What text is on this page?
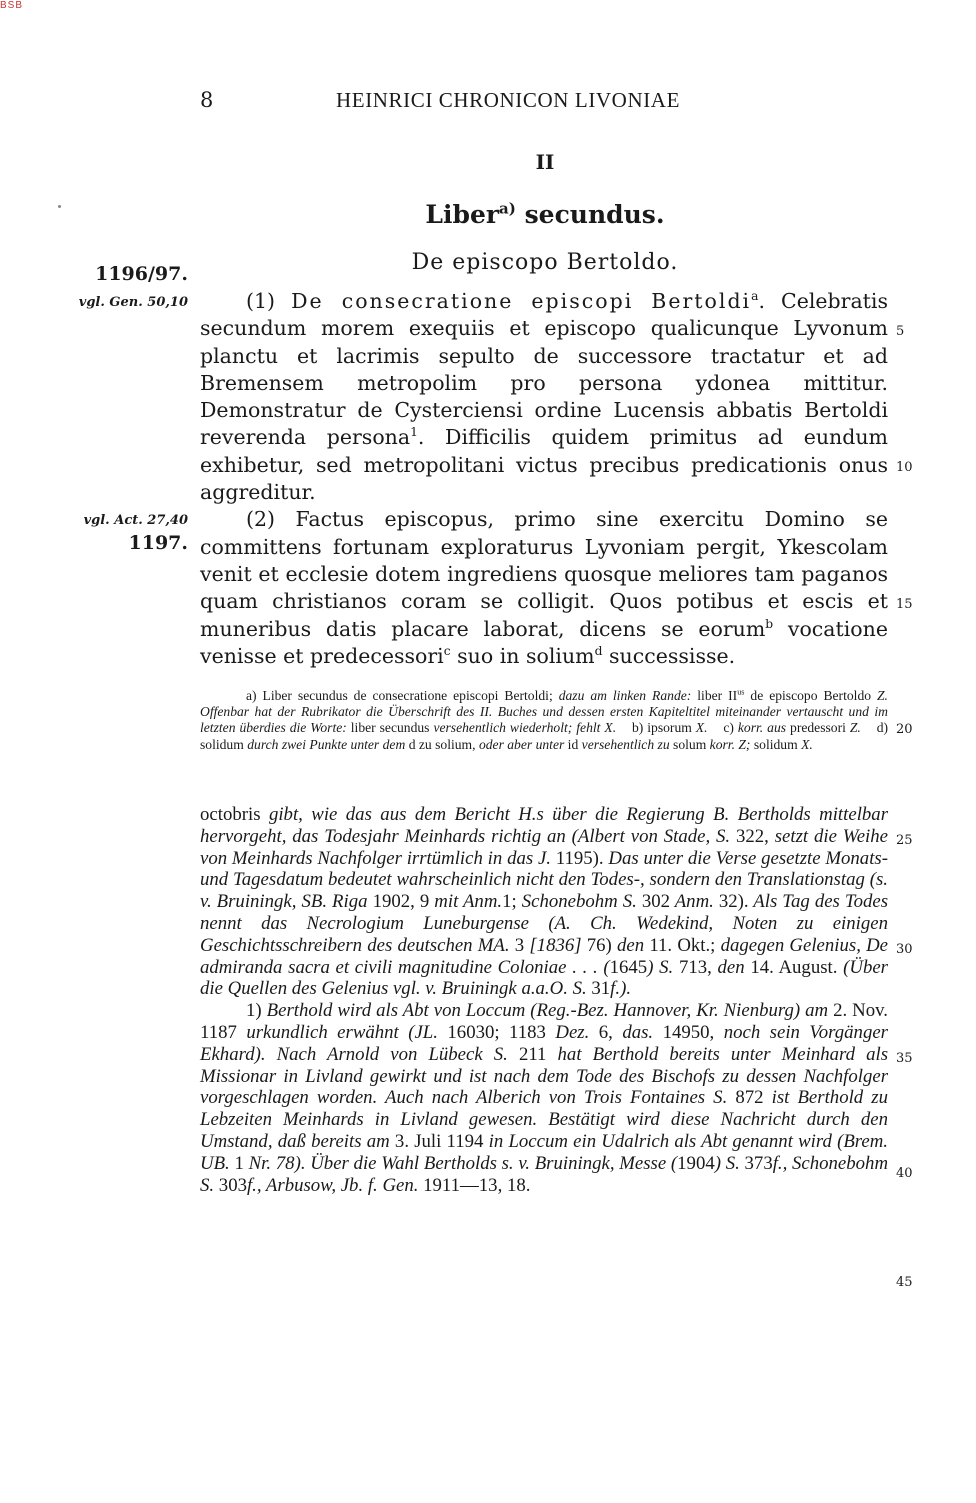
BSB
8	HEINRICI CHRONICON LIVONIAE
II
Liber$^{a)}$ secundus.
De episcopo Bertoldo.
1196/97.
vgl. Gen. 50,10
vgl. Act. 27,40
1197.

(1) De consecratione episcopi Bertoldi$^a$. Celebratis secundum morem exequiis et episcopo qualicunque Lyvonum planctu et lacrimis sepulto de successore tractatur et ad Bremensem metropolim pro persona ydonea mittitur. Demonstratur de Cysterciensi ordine Lucensis abbatis Bertoldi reverenda persona$^1$. Difficilis quidem primitus ad eundum exhibetur, sed metropolitani victus precibus predicationis onus aggreditur.

(2) Factus episcopus, primo sine exercitu Domino se committens fortunam exploraturus Lyvoniam pergit, Ykescolam venit et ecclesie dotem ingrediens quosque meliores tam paganos quam christianos coram se colligit. Quos potibus et escis et muneribus datis placare laborat, dicens se eorum$^b$ vocatione venisse et predecessori$^c$ suo in solium$^d$ successisse.

5
10
15
20
25
30
35
40
45
a) Liber secundus de consecratione episcopi Bertoldi; dazu am linken Rande: liber $II^{us}$ de episcopo Bertoldo Z. Offenbar hat der Rubrikator die Überschrift des II. Buches und dessen ersten Kapiteltitel miteinander vertauscht und im letzten überdies die Worte: liber secundus versehentlich wiederholt; fehlt X. b) ipsorum X. c) korr. aus predessori Z. d) solidum durch zwei Punkte unter dem d zu solium, oder aber unter id versehentlich zu solum korr. Z; solidum X.

octobris gibt, wie das aus dem Bericht H.s über die Regierung B. Bertholds mittelbar hervorgeht, das Todesjahr Meinhards richtig an (Albert von Stade, S. 322, setzt die Weihe von Meinhards Nachfolger irrtümlich in das J. 1195). Das unter die Verse gesetzte Monats- und Tagesdatum bedeutet wahrscheinlich nicht den Todes-, sondern den Translationstag (s. v. Bruiningk, SB. Riga 1902, 9 mit Anm.1; Schonebohm S. 302 Anm. 32). Als Tag des Todes nennt das Necrologium Luneburgense (A. Ch. Wedekind, Noten zu einigen Geschichtsschreibern des deutschen MA. 3 [1836] 76) den 11. Okt.; dagegen Gelenius, De admiranda sacra et civili magnitudine Coloniae . . . (1645) S. 713, den 14. August. (Über die Quellen des Gelenius vgl. v. Bruiningk a.a.O. S. 31f.).

1) Berthold wird als Abt von Loccum (Reg.-Bez. Hannover, Kr. Nienburg) am 2. Nov. 1187 urkundlich erwähnt (JL. 16030; 1183 Dez. 6, das. 14950, noch sein Vorgänger Ekhard). Nach Arnold von Lübeck S. 211 hat Berthold bereits unter Meinhard als Missionar in Livland gewirkt und ist nach dem Tode des Bischofs zu dessen Nachfolger vorgeschlagen worden. Auch nach Alberich von Trois Fontaines S. 872 ist Berthold zu Lebzeiten Meinhards in Livland gewesen. Bestätigt wird diese Nachricht durch den Umstand, daß bereits am 3. Juli 1194 in Loccum ein Udalrich als Abt genannt wird (Brem. UB. 1 Nr. 78). Über die Wahl Bertholds s. v. Bruiningk, Messe (1904) S. 373f., Schonebohm S. 303f., Arbusow, Jb. f. Gen. 1911—13, 18.
